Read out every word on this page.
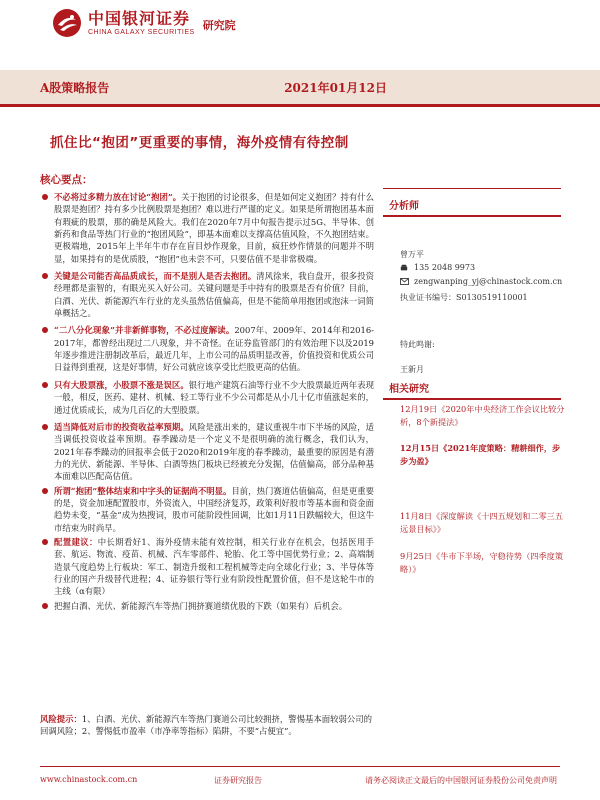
中国银河证券
CHINA GALAXY SECURITIES 研究院
A股策略报告	2021年01月12日
抓住比“抱团”更重要的事情，海外疫情有待控制
核心要点：
不必将过多精力放在讨论“抱团”。关于抱团的讨论很多，但是如何定义抱团？持有什么股票是抱团？持有多少比例股票是抱团？难以进行严谨的定义。如果是所谓抱团基本面有瑕疵的股票，那的确是风险大。我们在2020年7月中旬报告提示过5G、半导体、创新药和食品等热门行业的“抱团风险”，即基本面难以支撑高估值风险，不久抱团结束。更极端地，2015年上半年牛市存在盲目炒作现象，目前，疯狂炒作情景的问题并不明显，如果持有的是优质股，“抱团”也未尝不可，只要估值不是非常极端。
关键是公司能否高品质成长，而不是别人是否去抱团。清风徐来，我自盘开，很多投资经理都是蛮智的，有眼光买入好公司。关键问题是手中持有的股票是否有价值？目前，白酒、光伏、新能源汽车行业的龙头虽然估值偏高，但是不能简单用抱团或泡沫一词简单概括之。
“二八分化现象”并非新鲜事物，不必过度解读。2007年、2009年、2014年和2016-2017年，都曾经出现过二八现象，并不奇怪。在证券监管部门的有效治理下以及2019年逐步推进注册制改革后，最近几年，上市公司的品质明显改善，价值投资和优质公司日益得到重视，这是好事情，好公司就应该享受比烂股更高的估值。
只有大股票涨，小股票不涨是误区。银行地产建筑石油等行业不少大股票最近两年表现一般，相反，医药、建材、机械、轻工等行业不少公司都是从小几十亿市值涨起来的，通过优质成长，成为几百亿的大型股票。
适当降低对后市的投资收益率预期。风险是涨出来的，建议重视牛市下半场的风险，适当调低投资收益率预期。春季躁动是一个定义不是很明确的流行概念，我们认为，2021年春季躁动的回报率会低于2020和2019年度的春季躁动，最重要的原因是有潜力的光伏、新能源、半导体、白酒等热门板块已经被充分发掘，估值偏高，部分品种基本面难以匹配高估值。
所谓“抱团”整体结束和中字头的证据尚不明显。目前，热门赛道估值偏高，但是更重要的是，资金加速配置股市，外资流入，中国经济复苏，政策利好股市等基本面和资金面趋势未变，“基金”成为热搜词，股市可能阶段性回调，比如1月11日跌幅较大，但这牛市结束为时尚早。
配置建议：中长期看好1、海外疫情未能有效控制，相关行业存在机会，包括医用手套、航运、物流、疫苗、机械、汽车零部件、轮胎、化工等中国优势行业；2、高端制造景气度趋势上行板块：军工、制造升级和工程机械等走向全球化行业；3、半导体等行业的国产升级替代进程；4、证券银行等行业有阶段性配置价值，但不是这轮牛市的主线（α有限）
把握白酒、光伏、新能源汽车等热门拥挤赛道绩优股的下跌（如果有）后机会。
风险提示：1、白酒、光伏、新能源汽车等热门赛道公司比较拥挤，警惕基本面较弱公司的回调风险；2、警惕低市盈率（市净率等指标）陷阱，不要“占便宜”。
分析师
曾万平
135 2048 9973
zengwanping_yj@chinastock.com.cn
执业证书编号：S0130519110001
特此鸣谢:
王新月
相关研究
12月19日《2020年中央经济工作会议比较分析，8个新提法》
12月15日《2021年度策略：精耕细作，步步为盈》
11月8日《深度解读《十四五规划和二零三五远景目标》》
9月25日《牛市下半场，守稳待势（四季度策略）》
www.chinastock.com.cn	证券研究报告	请务必阅读正文最后的中国银河证券股份公司免责声明
